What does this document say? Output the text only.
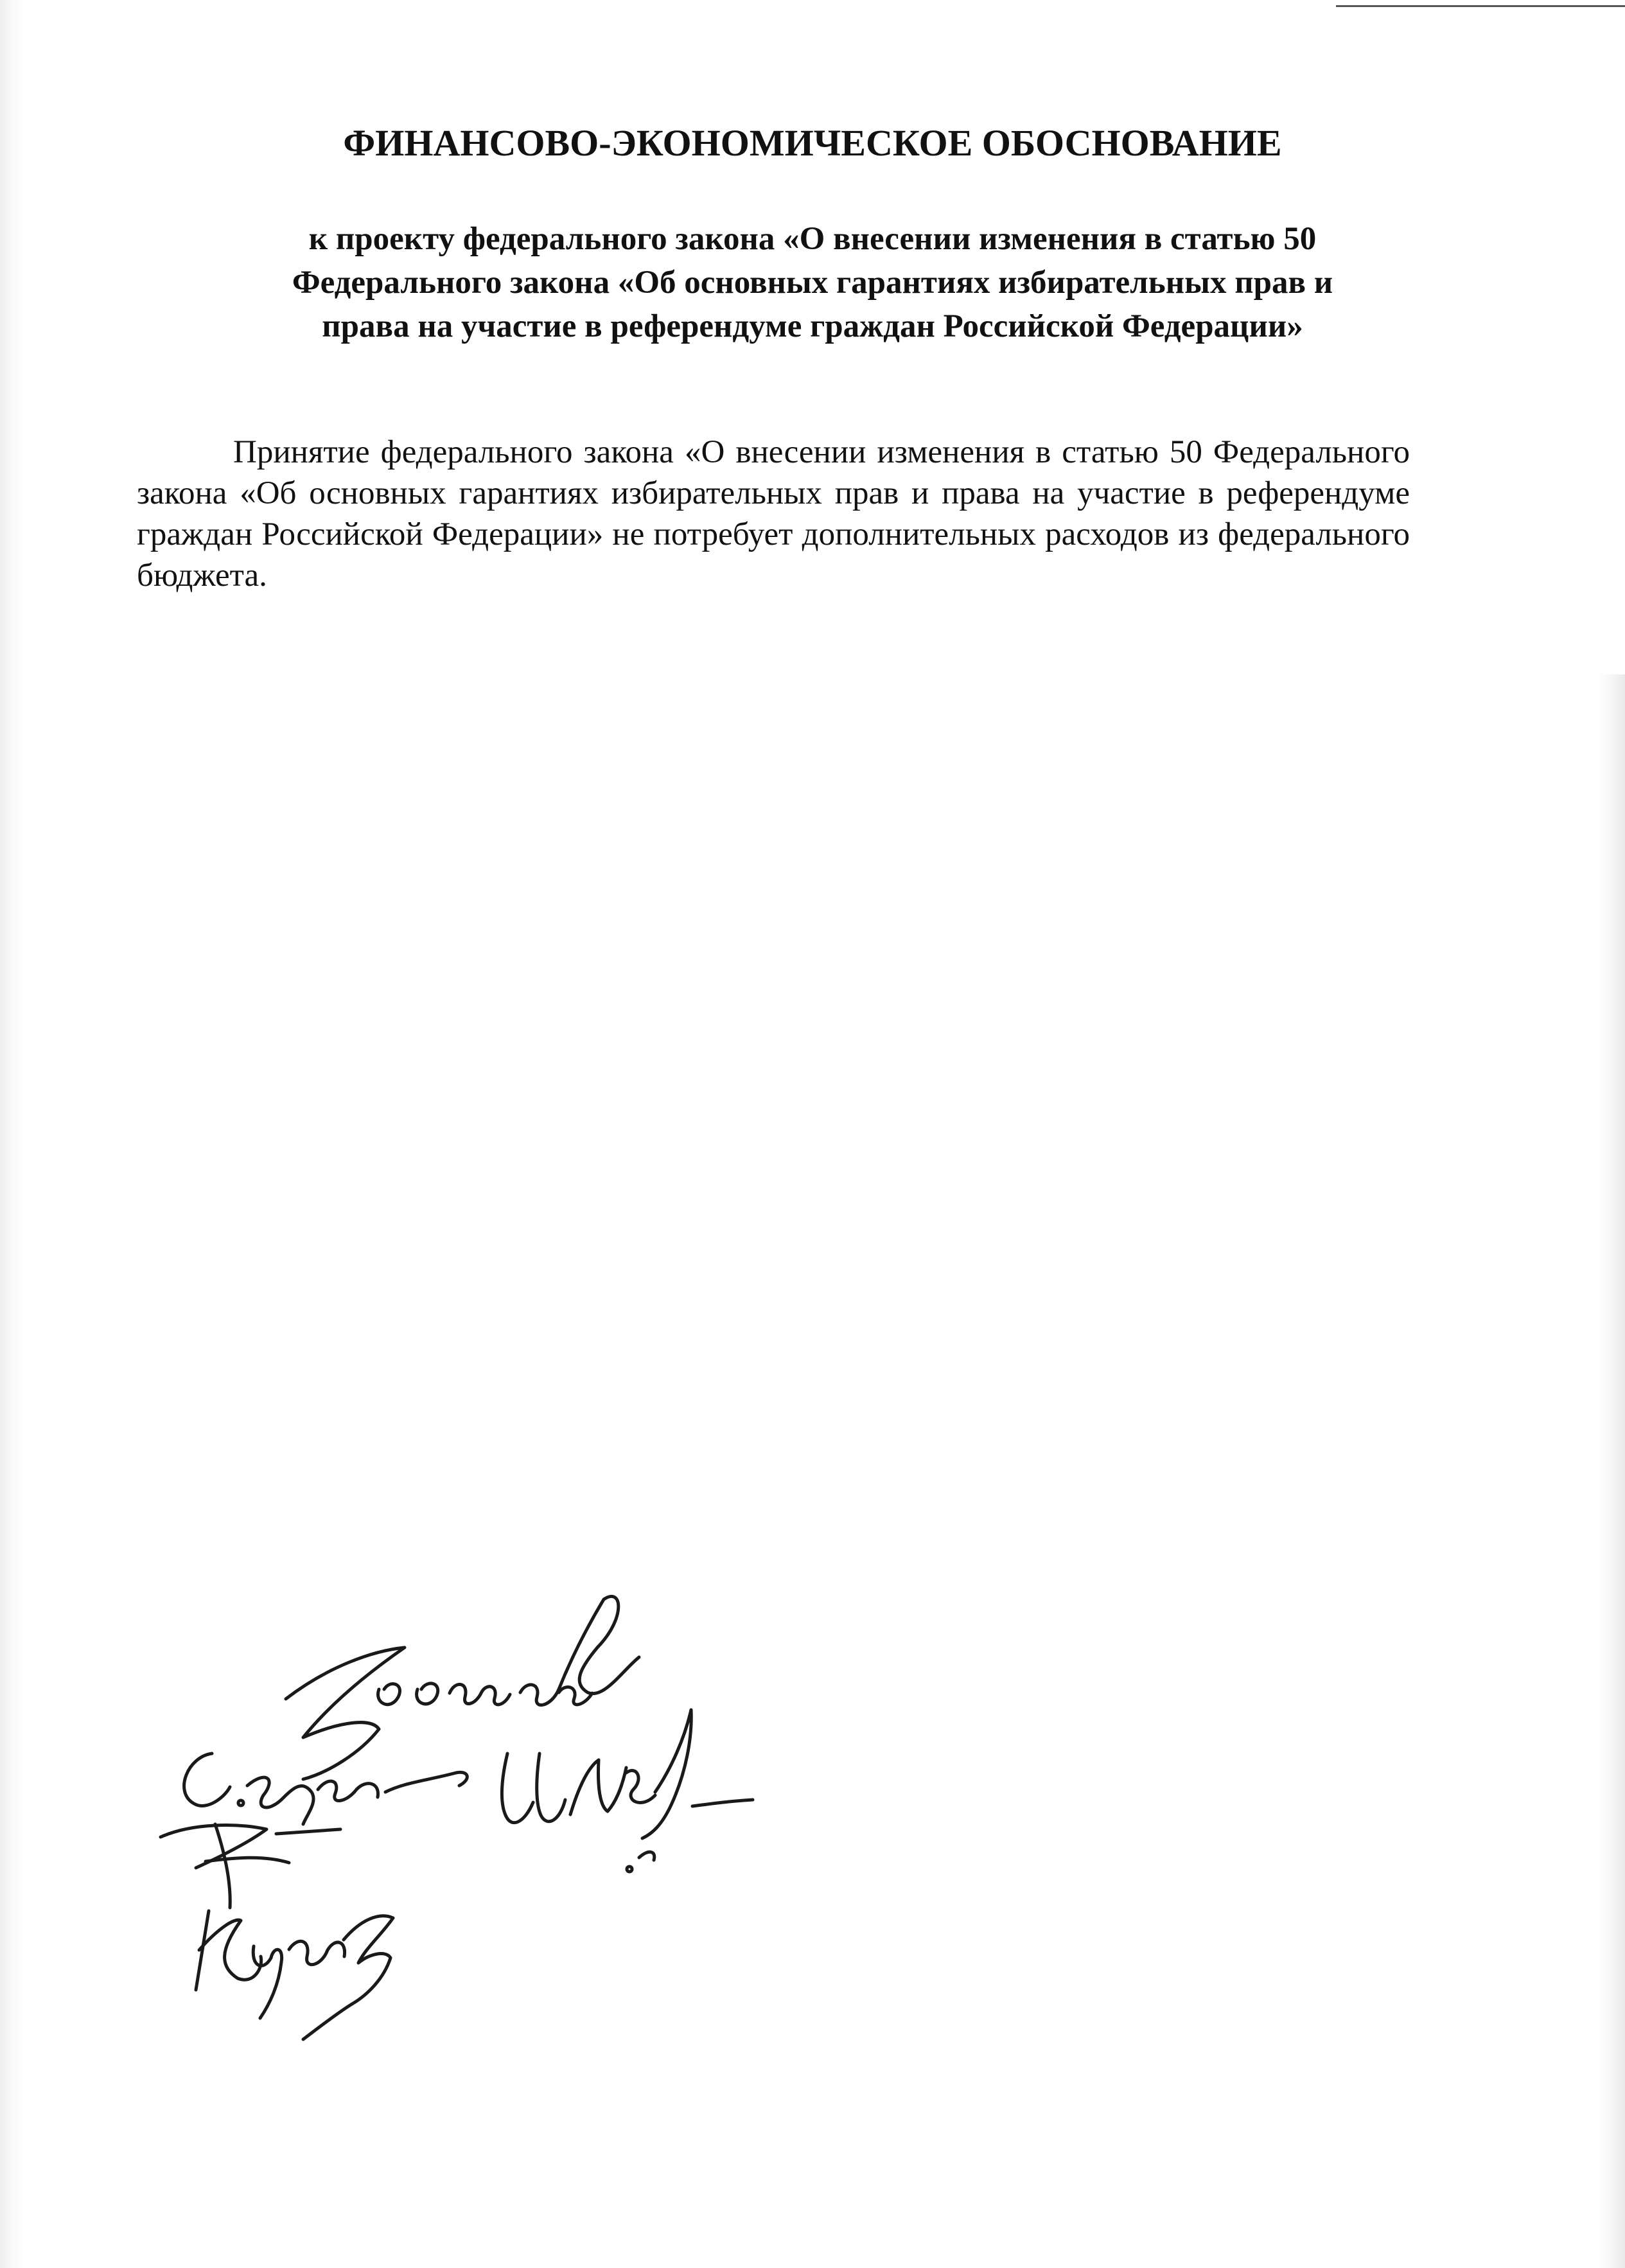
ФИНАНСОВО-ЭКОНОМИЧЕСКОЕ ОБОСНОВАНИЕ
к проекту федерального закона «О внесении изменения в статью 50
Федерального закона «Об основных гарантиях избирательных прав и
права на участие в референдуме граждан Российской Федерации»

Принятие федерального закона «О внесении изменения в статью 50 Федерального закона «Об основных гарантиях избирательных прав и права на участие в референдуме граждан Российской Федерации» не потребует дополнительных расходов из федерального бюджета.
